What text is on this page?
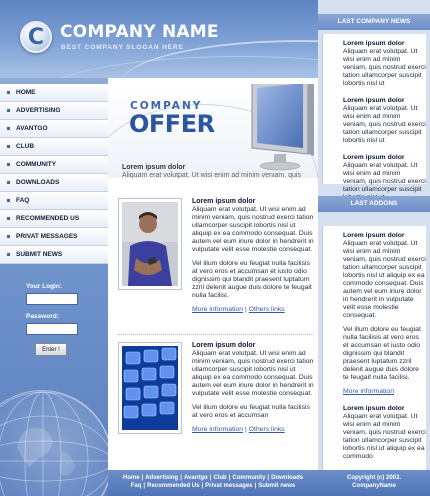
C COMPANY NAME
BEST COMPANY SLOGAN HERE
HOME
ADVERTISING
AVANTGO
CLUB
COMMUNITY
DOWNLOADS
FAQ
RECOMMENDED US
PRIVAT MESSAGES
SUBMIT NEWS
Your Login:
Password:
Enter !
COMPANY
OFFER
Lorem ipsum dolor
Aliquam erat volutpat. Ut wisi enim ad minim veniam, quis
Lorem ipsum dolor
Aliquam erat volutpat. Ut wisi enim ad minim veniam, quis nostrud exerci tation ullamcorper suscipit lobortis nisl ut aliquip ex ea commodo consequat. Duis autem vel eum iriure dolor in hendrerit in vulputate velit esse molestie consequat.
Vel illum dolore eu feugiat nulla facilisis at vero eros et accumsan et iusto odio dignissim qui blandit praesent luptatum zzril delenit augue duis dolore te feugait nulla facilisi.
More information | Others links
Lorem ipsum dolor
Aliquam erat volutpat. Ut wisi enim ad minim veniam, quis nostrud exerci tation ullamcorper suscipit lobortis nisl ut aliquip ex ea commodo consequat. Duis autem vel eum iriure dolor in hendrerit in vulputate velit esse molestie consequat.
Vel illum dolore eu feugiat nulla facilisis at vero eros et accumsan
More information | Others links
LAST COMPANY NEWS
Lorem ipsum dolor
Aliquam erat volutpat. Ut wisi enim ad minim veniam, quis nostrud exerci tation ullamcorper suscipit lobortis nisl ut
Lorem ipsum dolor
Aliquam erat volutpat. Ut wisi enim ad minim veniam, quis nostrud exerci tation ullamcorper suscipit lobortis nisl ut
Lorem ipsum dolor
Aliquam erat volutpat. Ut wisi enim ad minim veniam, quis nostrud exerci tation ullamcorper suscipit
LAST ADDONS
Lorem ipsum dolor
Aliquam erat volutpat. Ut wisi enim ad minim veniam, quis nostrud exerci tation ullamcorper suscipit lobortis nisl ut aliquip ex ea commodo consequat. Duis autem vel eum iriure dolor in hendrerit in vulputate velit esse molestie consequat.
Vel illum dolore eu feugiat nulla facilisis at vero eros et accumsan et iusto odio dignissim qui blandit praesent luptatum zzril delenit augue duis dolore te feugait nulla facilisi.
More information
Lorem ipsum dolor
Aliquam erat volutpat. Ut wisi enim ad minim veniam, quis nostrud exerci tation ullamcorper suscipit lobortis nisl ut aliquip ex ea commodo
Home | Advertising | Avantgo | Club | Community | Downloads
Faq | Recommended Us | Privat messages | Submit news
Copyright (c) 2003.
CompanyName
